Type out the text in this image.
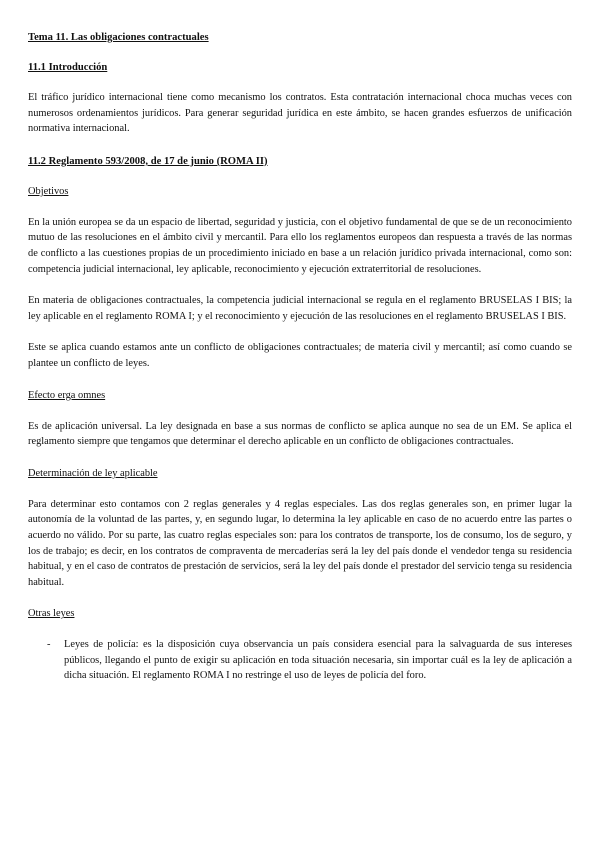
Tema 11. Las obligaciones contractuales
11.1 Introducción

El tráfico jurídico internacional tiene como mecanismo los contratos. Esta contratación internacional choca muchas veces con numerosos ordenamientos jurídicos. Para generar seguridad jurídica en este ámbito, se hacen grandes esfuerzos de unificación normativa internacional.

11.2 Reglamento 593/2008, de 17 de junio (ROMA II)
Objetivos

En la unión europea se da un espacio de libertad, seguridad y justicia, con el objetivo fundamental de que se de un reconocimiento mutuo de las resoluciones en el ámbito civil y mercantil. Para ello los reglamentos europeos dan respuesta a través de las normas de conflicto a las cuestiones propias de un procedimiento iniciado en base a un relación jurídico privada internacional, como son: competencia judicial internacional, ley aplicable, reconocimiento y ejecución extraterritorial de resoluciones.

En materia de obligaciones contractuales, la competencia judicial internacional se regula en el reglamento BRUSELAS I BIS; la ley aplicable en el reglamento ROMA I; y el reconocimiento y ejecución de las resoluciones en el reglamento BRUSELAS I BIS.

Este se aplica cuando estamos ante un conflicto de obligaciones contractuales; de materia civil y mercantil; así como cuando se plantee un conflicto de leyes.

Efecto erga omnes

Es de aplicación universal. La ley designada en base a sus normas de conflicto se aplica aunque no sea de un EM. Se aplica el reglamento siempre que tengamos que determinar el derecho aplicable en un conflicto de obligaciones contractuales.

Determinación de ley aplicable

Para determinar esto contamos con 2 reglas generales y 4 reglas especiales. Las dos reglas generales son, en primer lugar la autonomía de la voluntad de las partes, y, en segundo lugar, lo determina la ley aplicable en caso de no acuerdo entre las partes o acuerdo no válido. Por su parte, las cuatro reglas especiales son: para los contratos de transporte, los de consumo, los de seguro, y los de trabajo; es decir, en los contratos de compraventa de mercaderías será la ley del país donde el vendedor tenga su residencia habitual, y en el caso de contratos de prestación de servicios, será la ley del país donde el prestador del servicio tenga su residencia habitual.

Otras leyes
- Leyes de policía: es la disposición cuya observancia un país considera esencial para la salvaguarda de sus intereses públicos, llegando el punto de exigir su aplicación en toda situación necesaria, sin importar cuál es la ley de aplicación a dicha situación. El reglamento ROMA I no restringe el uso de leyes de policía del foro.
